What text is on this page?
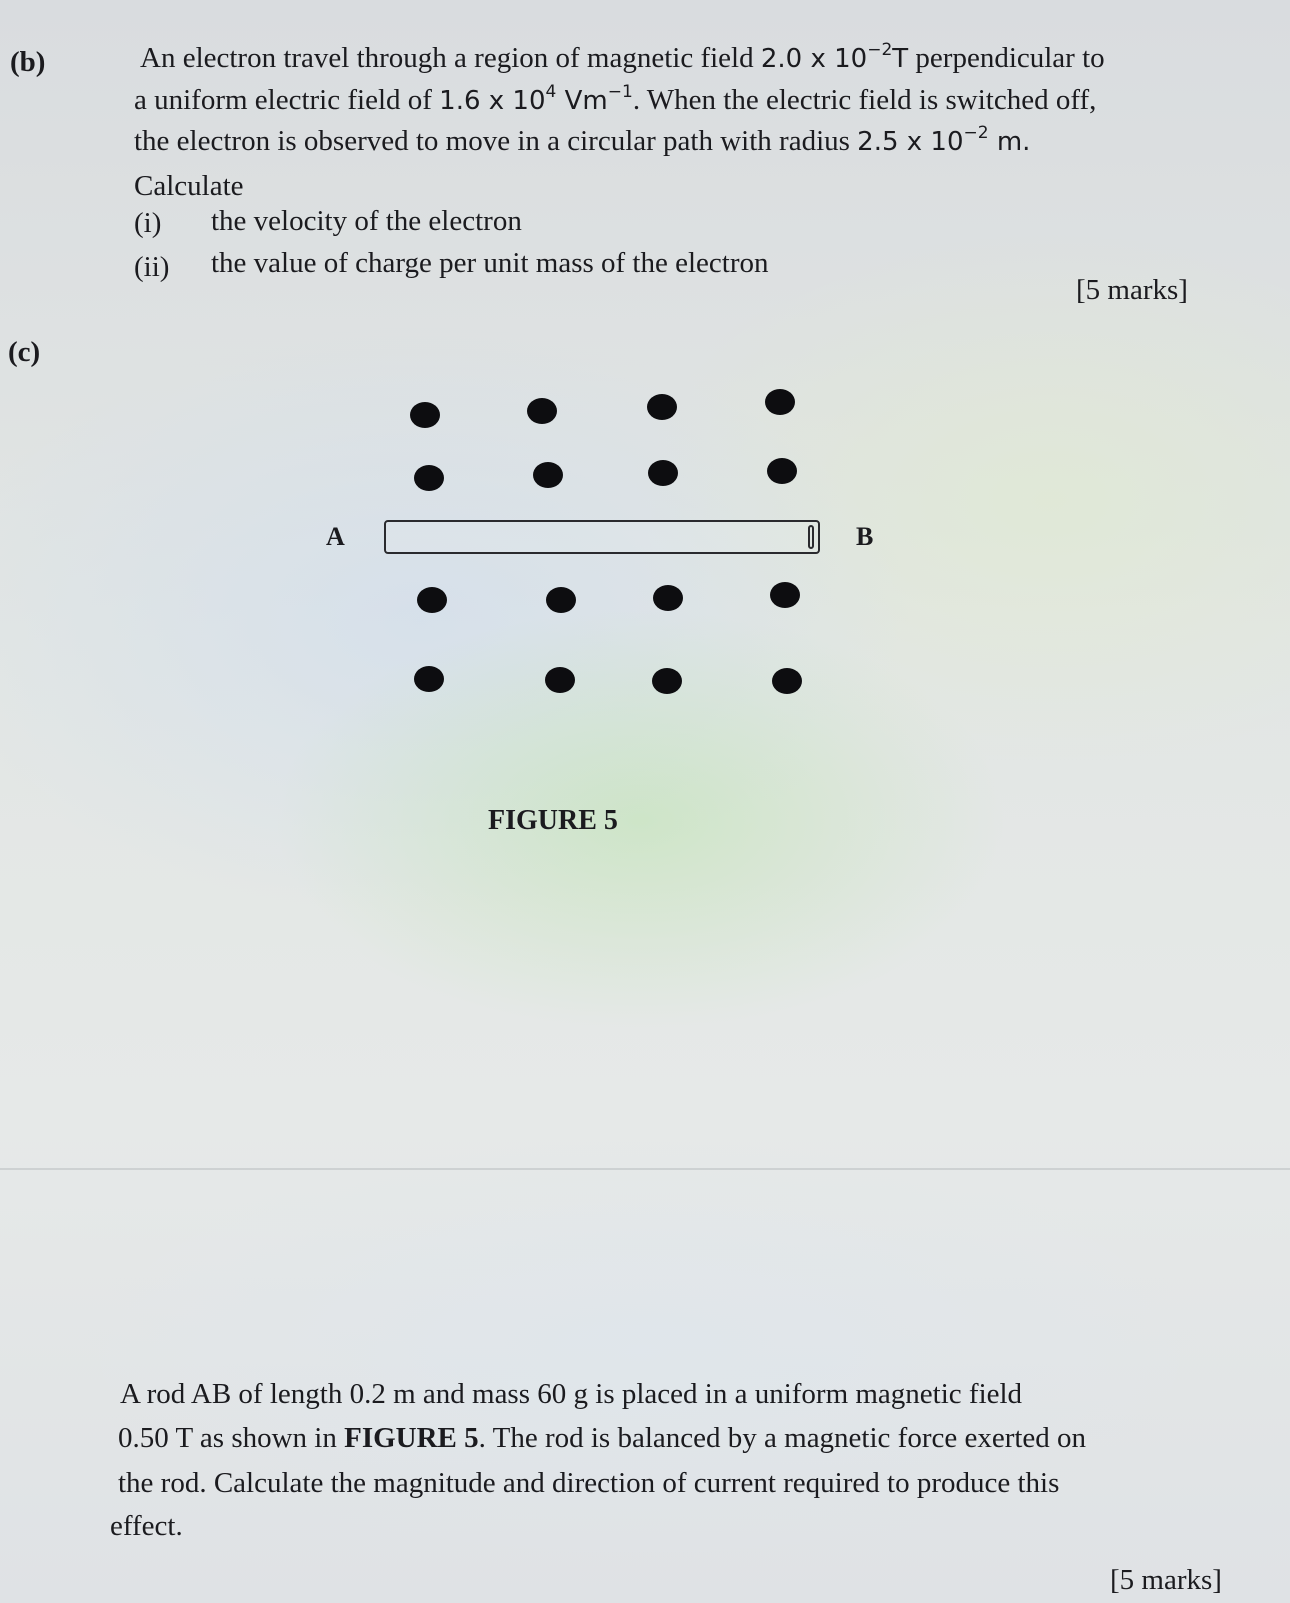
(b)	An electron travel through a region of magnetic field 2.0 x $10^{-2}T$ perpendicular to
a uniform electric field of 1.6 x $10^4$ $Vm^{-1}$. When the electric field is switched off,
the electron is observed to move in a circular path with radius 2.5 x $10^{-2}$ m.
Calculate
(i) the velocity of the electron
(ii) the value of charge per unit mass of the electron
[5 marks]
(c)
A	B
FIGURE 5
A rod AB of length 0.2 m and mass 60 g is placed in a uniform magnetic field
0.50 T as shown in FIGURE 5. The rod is balanced by a magnetic force exerted on
the rod. Calculate the magnitude and direction of current required to produce this
effect.
[5 marks]
